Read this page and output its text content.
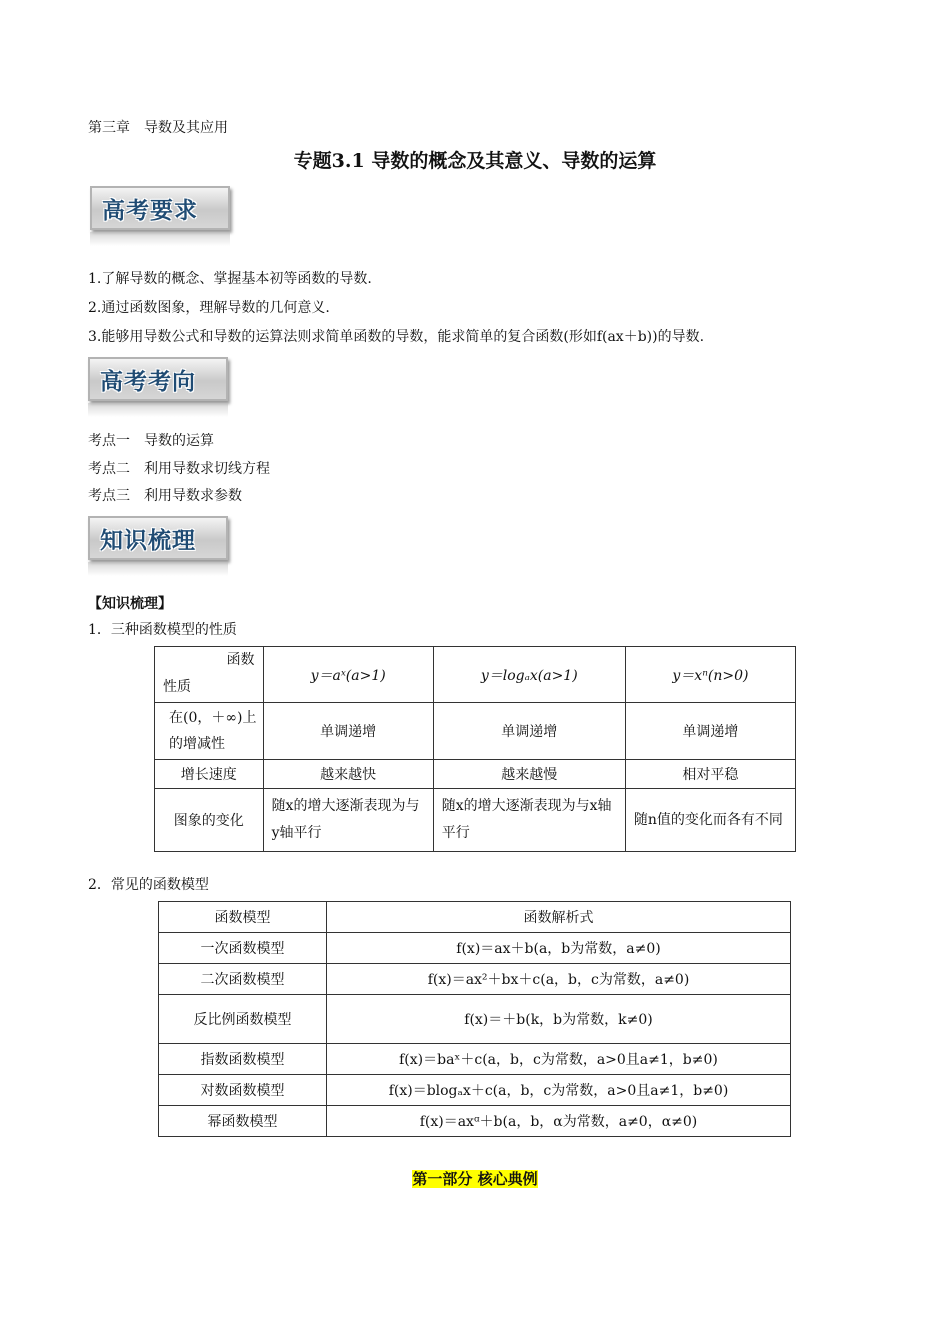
第三章　导数及其应用
专题3.1 导数的概念及其意义、导数的运算
高考要求
1.了解导数的概念、掌握基本初等函数的导数.
2.通过函数图象，理解导数的几何意义.
3.能够用导数公式和导数的运算法则求简单函数的导数，能求简单的复合函数(形如f(ax＋b))的导数.
高考考向
考点一　导数的运算
考点二　利用导数求切线方程
考点三　利用导数求参数
知识梳理
【知识梳理】
1．三种函数模型的性质
函数
性质	y＝aˣ(a>1)	y＝logₐx(a>1)	y＝xⁿ(n>0)
在(0，＋∞)上的增减性	单调递增	单调递增	单调递增
增长速度	越来越快	越来越慢	相对平稳
图象的变化	随x的增大逐渐表现为与y轴平行	随x的增大逐渐表现为与x轴平行	随n值的变化而各有不同
2．常见的函数模型
函数模型	函数解析式
一次函数模型	f(x)＝ax＋b(a，b为常数，a≠0)
二次函数模型	f(x)＝ax²＋bx＋c(a，b，c为常数，a≠0)
反比例函数模型	f(x)＝＋b(k，b为常数，k≠0)
指数函数模型	f(x)＝baˣ＋c(a，b，c为常数，a>0且a≠1，b≠0)
对数函数模型	f(x)＝blogₐx＋c(a，b，c为常数，a>0且a≠1，b≠0)
幂函数模型	f(x)＝axᵅ＋b(a，b，α为常数，a≠0，α≠0)
第一部分 核心典例
